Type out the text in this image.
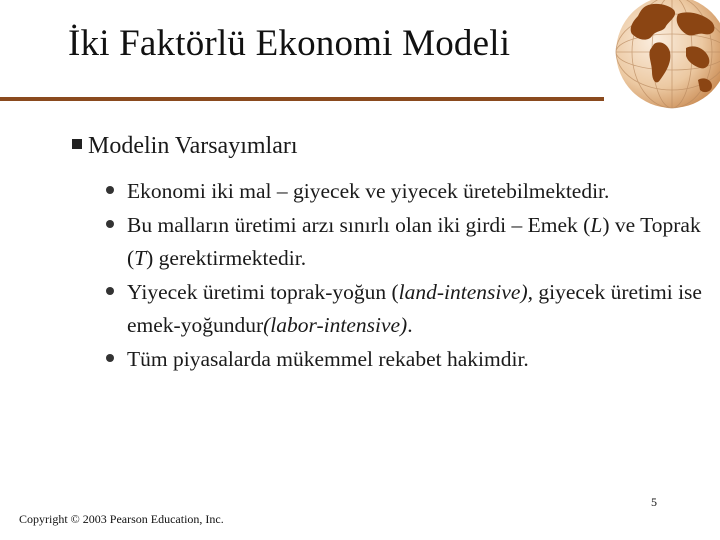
İki Faktörlü Ekonomi Modeli
Modelin Varsayımları
Ekonomi iki mal – giyecek ve yiyecek üretebilmektedir.
Bu malların üretimi arzı sınırlı olan iki girdi – Emek (L) ve Toprak (T) gerektirmektedir.
Yiyecek üretimi toprak-yoğun (land-intensive), giyecek üretimi ise emek-yoğundur(labor-intensive).
Tüm piyasalarda mükemmel rekabet hakimdir.
5
Copyright © 2003 Pearson Education, Inc.
